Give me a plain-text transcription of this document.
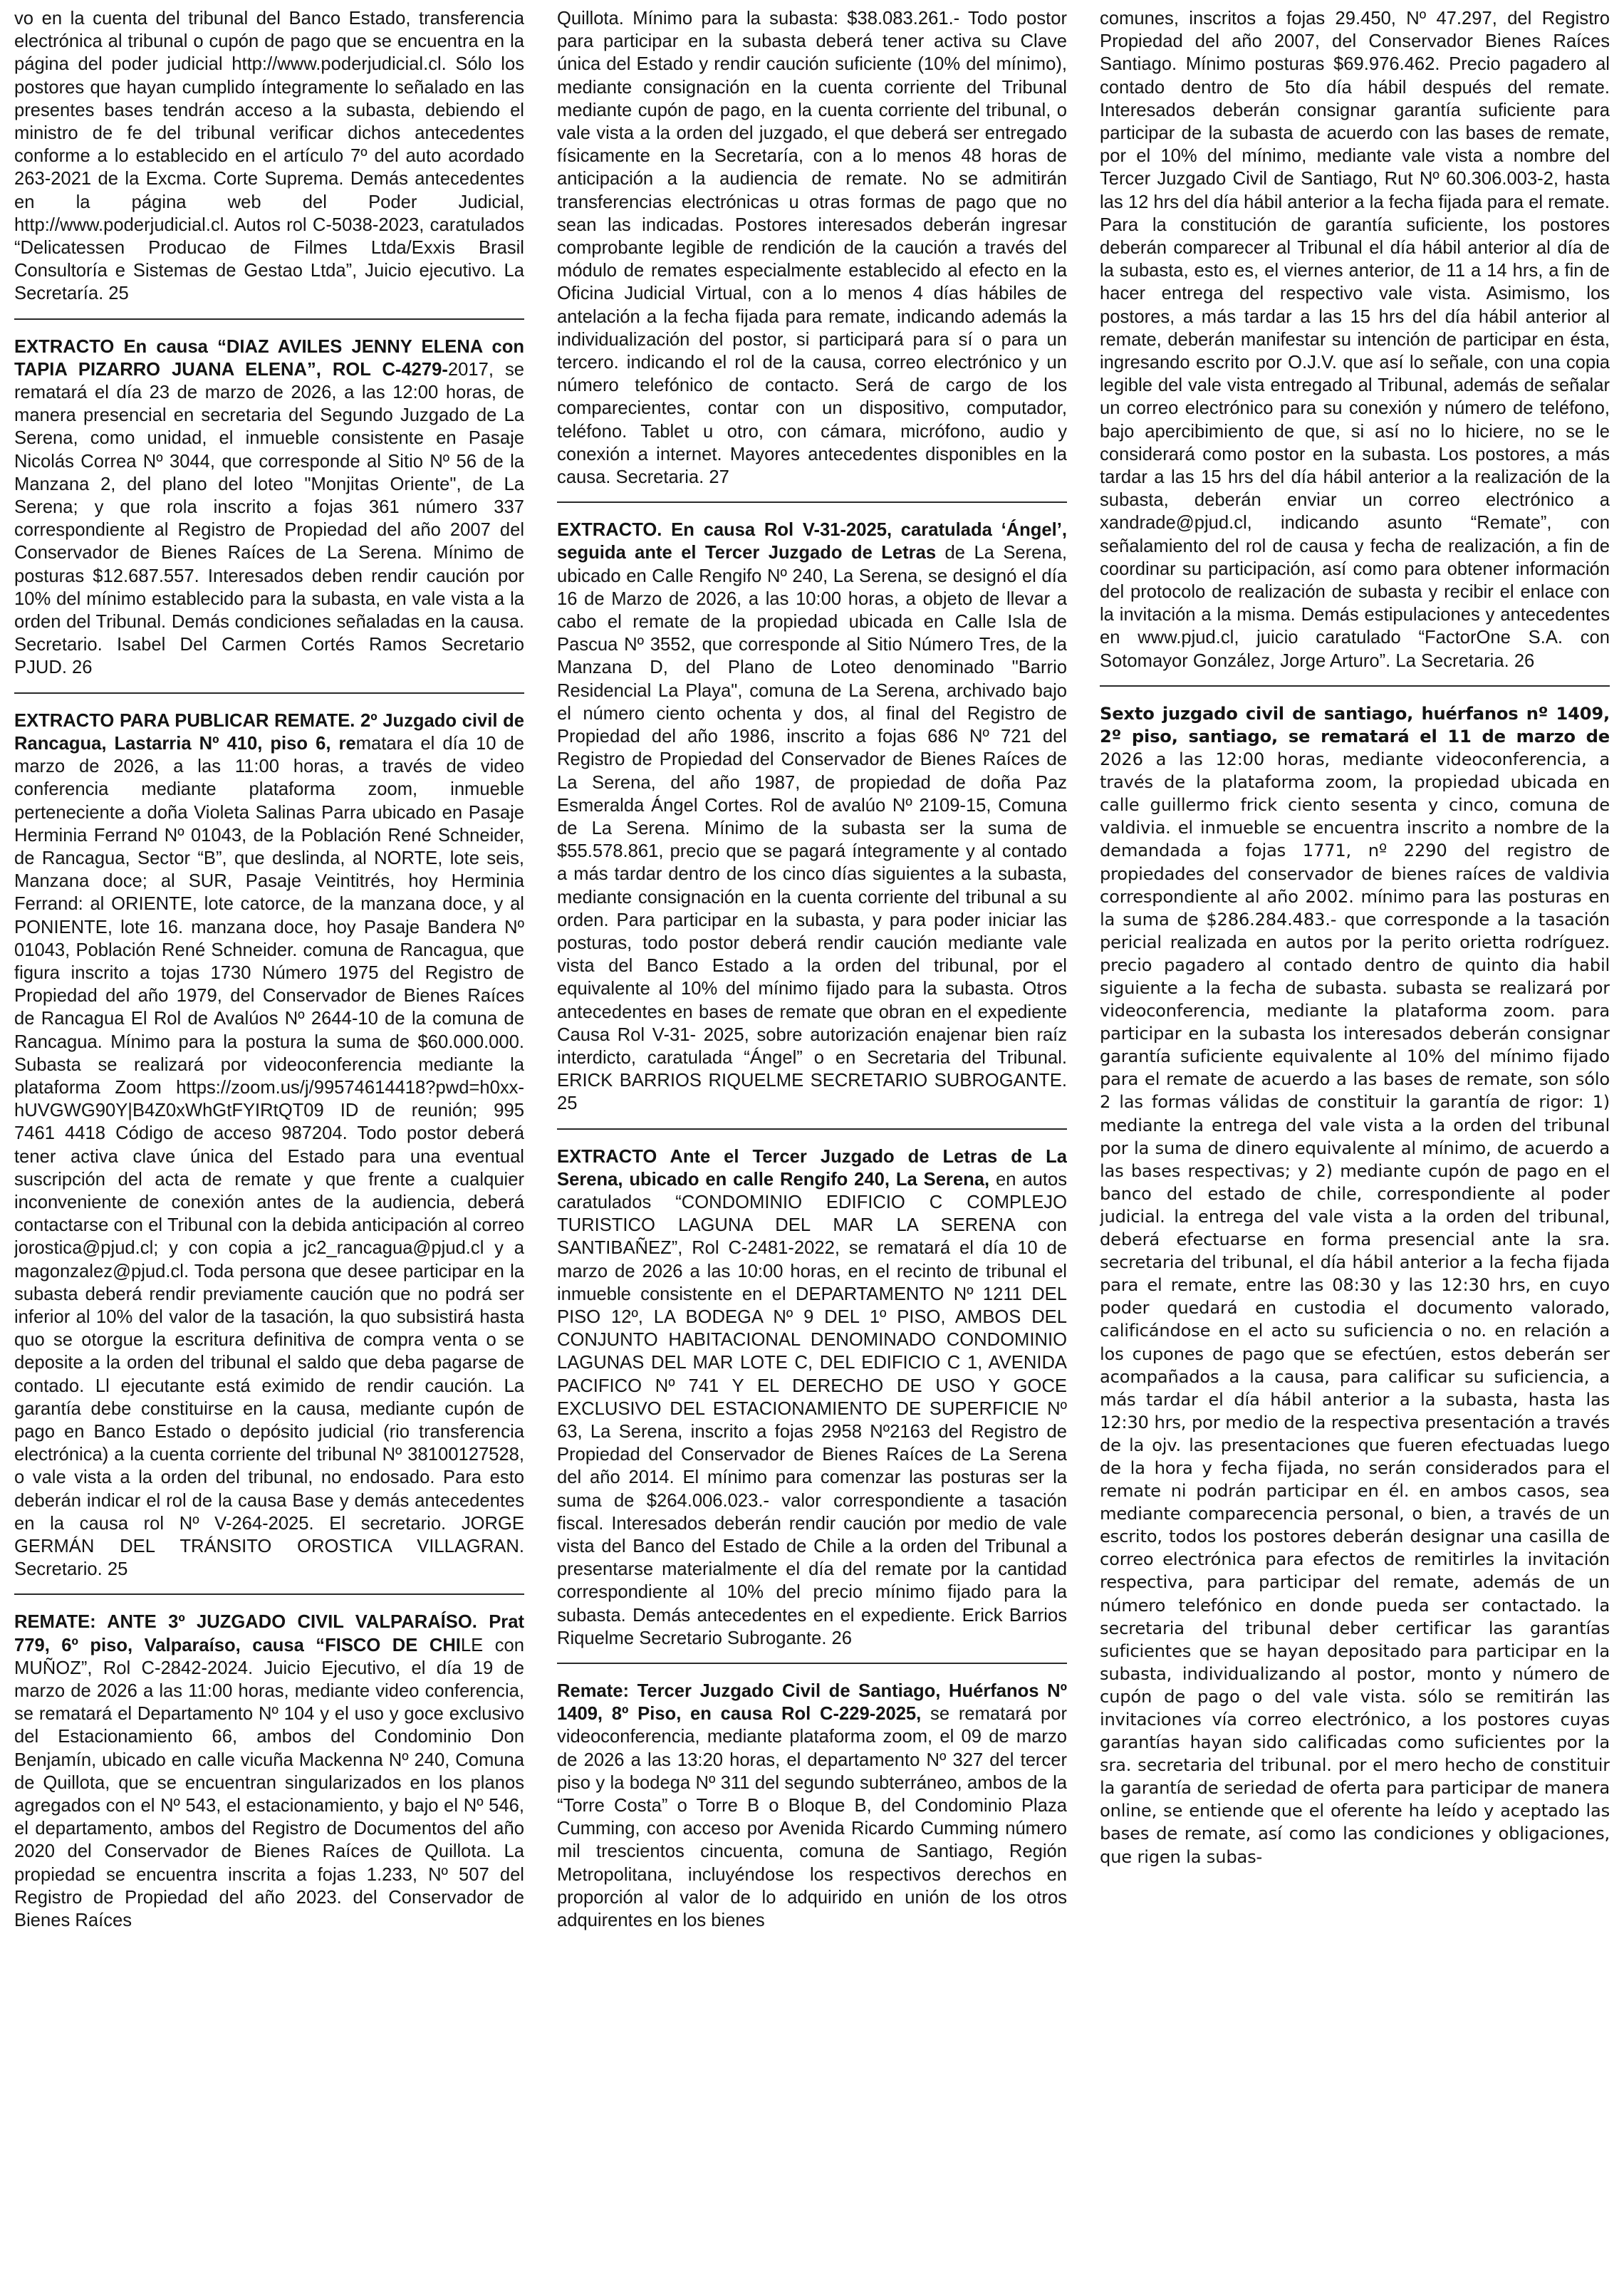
vo en la cuenta del tribunal del Banco Estado, transferencia electrónica al tribunal o cupón de pago que se encuentra en la página del poder judicial http://www.poderjudicial.cl. Sólo los postores que hayan cumplido íntegramente lo señalado en las presentes bases tendrán acceso a la subasta, debiendo el ministro de fe del tribunal verificar dichos antecedentes conforme a lo establecido en el artículo 7º del auto acordado 263-2021 de la Excma. Corte Suprema. Demás antecedentes en la página web del Poder Judicial, http://www.poderjudicial.cl. Autos rol C-5038-2023, caratulados “Delicatessen Producao de Filmes Ltda/Exxis Brasil Consultoría e Sistemas de Gestao Ltda”, Juicio ejecutivo. La Secretaría. 25

EXTRACTO En causa “DIAZ AVILES JENNY ELENA con TAPIA PIZARRO JUANA ELENA”, ROL C-4279-2017, se rematará el día 23 de marzo de 2026, a las 12:00 horas, de manera presencial en secretaria del Segundo Juzgado de La Serena, como unidad, el inmueble consistente en Pasaje Nicolás Correa Nº 3044, que corresponde al Sitio Nº 56 de la Manzana 2, del plano del loteo "Monjitas Oriente", de La Serena; y que rola inscrito a fojas 361 número 337 correspondiente al Registro de Propiedad del año 2007 del Conservador de Bienes Raíces de La Serena. Mínimo de posturas $12.687.557. Interesados deben rendir caución por 10% del mínimo establecido para la subasta, en vale vista a la orden del Tribunal. Demás condiciones señaladas en la causa. Secretario. Isabel Del Carmen Cortés Ramos Secretario PJUD. 26

EXTRACTO PARA PUBLICAR REMATE. 2º Juzgado civil de Rancagua, Lastarria Nº 410, piso 6, rematara el día 10 de marzo de 2026, a las 11:00 horas, a través de video conferencia mediante plataforma zoom, inmueble perteneciente a doña Violeta Salinas Parra ubicado en Pasaje Herminia Ferrand Nº 01043, de la Población René Schneider, de Rancagua, Sector “B”, que deslinda, al NORTE, lote seis, Manzana doce; al SUR, Pasaje Veintitrés, hoy Herminia Ferrand: al ORIENTE, lote catorce, de la manzana doce, y al PONIENTE, lote 16. manzana doce, hoy Pasaje Bandera Nº 01043, Población René Schneider. comuna de Rancagua, que figura inscrito a tojas 1730 Número 1975 del Registro de Propiedad del año 1979, del Conservador de Bienes Raíces de Rancagua El Rol de Avalúos Nº 2644-10 de la comuna de Rancagua. Mínimo para la postura la suma de $60.000.000. Subasta se realizará por videoconferencia mediante la plataforma Zoom https://zoom.us/j/99574614418?pwd=h0xx-hUVGWG90Y|B4Z0xWhGtFYIRtQT09 ID de reunión; 995 7461 4418 Código de acceso 987204. Todo postor deberá tener activa clave única del Estado para una eventual suscripción del acta de remate y que frente a cualquier inconveniente de conexión antes de la audiencia, deberá contactarse con el Tribunal con la debida anticipación al correo jorostica@pjud.cl; y con copia a jc2_rancagua@pjud.cl y a magonzalez@pjud.cl. Toda persona que desee participar en la subasta deberá rendir previamente caución que no podrá ser inferior al 10% del valor de la tasación, la quo subsistirá hasta quo se otorgue la escritura definitiva de compra venta o se deposite a la orden del tribunal el saldo que deba pagarse de contado. Ll ejecutante está eximido de rendir caución. La garantía debe constituirse en la causa, mediante cupón de pago en Banco Estado o depósito judicial (rio transferencia electrónica) a la cuenta corriente del tribunal Nº 38100127528, o vale vista a la orden del tribunal, no endosado. Para esto deberán indicar el rol de la causa Base y demás antecedentes en la causa rol Nº V-264-2025. El secretario. JORGE GERMÁN DEL TRÁNSITO OROSTICA VILLAGRAN. Secretario. 25

REMATE: ANTE 3º JUZGADO CIVIL VALPARAÍSO. Prat 779, 6º piso, Valparaíso, causa “FISCO DE CHILE con MUÑOZ”, Rol C-2842-2024. Juicio Ejecutivo, el día 19 de marzo de 2026 a las 11:00 horas, mediante video conferencia, se rematará el Departamento Nº 104 y el uso y goce exclusivo del Estacionamiento 66, ambos del Condominio Don Benjamín, ubicado en calle vicuña Mackenna Nº 240, Comuna de Quillota, que se encuentran singularizados en los planos agregados con el Nº 543, el estacionamiento, y bajo el Nº 546, el departamento, ambos del Registro de Documentos del año 2020 del Conservador de Bienes Raíces de Quillota. La propiedad se encuentra inscrita a fojas 1.233, Nº 507 del Registro de Propiedad del año 2023. del Conservador de Bienes Raíces

Quillota. Mínimo para la subasta: $38.083.261.- Todo postor para participar en la subasta deberá tener activa su Clave única del Estado y rendir caución suficiente (10% del mínimo), mediante consignación en la cuenta corriente del Tribunal mediante cupón de pago, en la cuenta corriente del tribunal, o vale vista a la orden del juzgado, el que deberá ser entregado físicamente en la Secretaría, con a lo menos 48 horas de anticipación a la audiencia de remate. No se admitirán transferencias electrónicas u otras formas de pago que no sean las indicadas. Postores interesados deberán ingresar comprobante legible de rendición de la caución a través del módulo de remates especialmente establecido al efecto en la Oficina Judicial Virtual, con a lo menos 4 días hábiles de antelación a la fecha fijada para remate, indicando además la individualización del postor, si participará para sí o para un tercero. indicando el rol de la causa, correo electrónico y un número telefónico de contacto. Será de cargo de los comparecientes, contar con un dispositivo, computador, teléfono. Tablet u otro, con cámara, micrófono, audio y conexión a internet. Mayores antecedentes disponibles en la causa. Secretaria. 27

EXTRACTO. En causa Rol V-31-2025, caratulada ‘Ángel’, seguida ante el Tercer Juzgado de Letras de La Serena, ubicado en Calle Rengifo Nº 240, La Serena, se designó el día 16 de Marzo de 2026, a las 10:00 horas, a objeto de llevar a cabo el remate de la propiedad ubicada en Calle Isla de Pascua Nº 3552, que corresponde al Sitio Número Tres, de la Manzana D, del Plano de Loteo denominado "Barrio Residencial La Playa", comuna de La Serena, archivado bajo el número ciento ochenta y dos, al final del Registro de Propiedad del año 1986, inscrito a fojas 686 Nº 721 del Registro de Propiedad del Conservador de Bienes Raíces de La Serena, del año 1987, de propiedad de doña Paz Esmeralda Ángel Cortes. Rol de avalúo Nº 2109-15, Comuna de La Serena. Mínimo de la subasta ser la suma de $55.578.861, precio que se pagará íntegramente y al contado a más tardar dentro de los cinco días siguientes a la subasta, mediante consignación en la cuenta corriente del tribunal a su orden. Para participar en la subasta, y para poder iniciar las posturas, todo postor deberá rendir caución mediante vale vista del Banco Estado a la orden del tribunal, por el equivalente al 10% del mínimo fijado para la subasta. Otros antecedentes en bases de remate que obran en el expediente Causa Rol V-31- 2025, sobre autorización enajenar bien raíz interdicto, caratulada “Ángel” o en Secretaria del Tribunal. ERICK BARRIOS RIQUELME SECRETARIO SUBROGANTE. 25

EXTRACTO Ante el Tercer Juzgado de Letras de La Serena, ubicado en calle Rengifo 240, La Serena, en autos caratulados “CONDOMINIO EDIFICIO C COMPLEJO TURISTICO LAGUNA DEL MAR LA SERENA con SANTIBAÑEZ”, Rol C-2481-2022, se rematará el día 10 de marzo de 2026 a las 10:00 horas, en el recinto de tribunal el inmueble consistente en el DEPARTAMENTO Nº 1211 DEL PISO 12º, LA BODEGA Nº 9 DEL 1º PISO, AMBOS DEL CONJUNTO HABITACIONAL DENOMINADO CONDOMINIO LAGUNAS DEL MAR LOTE C, DEL EDIFICIO C 1, AVENIDA PACIFICO Nº 741 Y EL DERECHO DE USO Y GOCE EXCLUSIVO DEL ESTACIONAMIENTO DE SUPERFICIE Nº 63, La Serena, inscrito a fojas 2958 Nº2163 del Registro de Propiedad del Conservador de Bienes Raíces de La Serena del año 2014. El mínimo para comenzar las posturas ser la suma de $264.006.023.- valor correspondiente a tasación fiscal. Interesados deberán rendir caución por medio de vale vista del Banco del Estado de Chile a la orden del Tribunal a presentarse materialmente el día del remate por la cantidad correspondiente al 10% del precio mínimo fijado para la subasta. Demás antecedentes en el expediente. Erick Barrios Riquelme Secretario Subrogante. 26

Remate: Tercer Juzgado Civil de Santiago, Huérfanos Nº 1409, 8º Piso, en causa Rol C-229-2025, se rematará por videoconferencia, mediante plataforma zoom, el 09 de marzo de 2026 a las 13:20 horas, el departamento Nº 327 del tercer piso y la bodega Nº 311 del segundo subterráneo, ambos de la “Torre Costa” o Torre B o Bloque B, del Condominio Plaza Cumming, con acceso por Avenida Ricardo Cumming número mil trescientos cincuenta, comuna de Santiago, Región Metropolitana, incluyéndose los respectivos derechos en proporción al valor de lo adquirido en unión de los otros adquirentes en los bienes

comunes, inscritos a fojas 29.450, Nº 47.297, del Registro Propiedad del año 2007, del Conservador Bienes Raíces Santiago. Mínimo posturas $69.976.462. Precio pagadero al contado dentro de 5to día hábil después del remate. Interesados deberán consignar garantía suficiente para participar de la subasta de acuerdo con las bases de remate, por el 10% del mínimo, mediante vale vista a nombre del Tercer Juzgado Civil de Santiago, Rut Nº 60.306.003-2, hasta las 12 hrs del día hábil anterior a la fecha fijada para el remate. Para la constitución de garantía suficiente, los postores deberán comparecer al Tribunal el día hábil anterior al día de la subasta, esto es, el viernes anterior, de 11 a 14 hrs, a fin de hacer entrega del respectivo vale vista. Asimismo, los postores, a más tardar a las 15 hrs del día hábil anterior al remate, deberán manifestar su intención de participar en ésta, ingresando escrito por O.J.V. que así lo señale, con una copia legible del vale vista entregado al Tribunal, además de señalar un correo electrónico para su conexión y número de teléfono, bajo apercibimiento de que, si así no lo hiciere, no se le considerará como postor en la subasta. Los postores, a más tardar a las 15 hrs del día hábil anterior a la realización de la subasta, deberán enviar un correo electrónico a xandrade@pjud.cl, indicando asunto “Remate”, con señalamiento del rol de causa y fecha de realización, a fin de coordinar su participación, así como para obtener información del protocolo de realización de subasta y recibir el enlace con la invitación a la misma. Demás estipulaciones y antecedentes en www.pjud.cl, juicio caratulado “FactorOne S.A. con Sotomayor González, Jorge Arturo”. La Secretaria. 26

Sexto juzgado civil de santiago, huérfanos nº 1409, 2º piso, santiago, se rematará el 11 de marzo de 2026 a las 12:00 horas, mediante videoconferencia, a través de la plataforma zoom, la propiedad ubicada en calle guillermo frick ciento sesenta y cinco, comuna de valdivia. el inmueble se encuentra inscrito a nombre de la demandada a fojas 1771, nº 2290 del registro de propiedades del conservador de bienes raíces de valdivia correspondiente al año 2002. mínimo para las posturas en la suma de $286.284.483.- que corresponde a la tasación pericial realizada en autos por la perito orietta rodríguez. precio pagadero al contado dentro de quinto dia habil siguiente a la fecha de subasta. subasta se realizará por videoconferencia, mediante la plataforma zoom. para participar en la subasta los interesados deberán consignar garantía suficiente equivalente al 10% del mínimo fijado para el remate de acuerdo a las bases de remate, son sólo 2 las formas válidas de constituir la garantía de rigor: 1) mediante la entrega del vale vista a la orden del tribunal por la suma de dinero equivalente al mínimo, de acuerdo a las bases respectivas; y 2) mediante cupón de pago en el banco del estado de chile, correspondiente al poder judicial. la entrega del vale vista a la orden del tribunal, deberá efectuarse en forma presencial ante la sra. secretaria del tribunal, el día hábil anterior a la fecha fijada para el remate, entre las 08:30 y las 12:30 hrs, en cuyo poder quedará en custodia el documento valorado, calificándose en el acto su suficiencia o no. en relación a los cupones de pago que se efectúen, estos deberán ser acompañados a la causa, para calificar su suficiencia, a más tardar el día hábil anterior a la subasta, hasta las 12:30 hrs, por medio de la respectiva presentación a través de la ojv. las presentaciones que fueren efectuadas luego de la hora y fecha fijada, no serán considerados para el remate ni podrán participar en él. en ambos casos, sea mediante comparecencia personal, o bien, a través de un escrito, todos los postores deberán designar una casilla de correo electrónica para efectos de remitirles la invitación respectiva, para participar del remate, además de un número telefónico en donde pueda ser contactado. la secretaria del tribunal deber certificar las garantías suficientes que se hayan depositado para participar en la subasta, individualizando al postor, monto y número de cupón de pago o del vale vista. sólo se remitirán las invitaciones vía correo electrónico, a los postores cuyas garantías hayan sido calificadas como suficientes por la sra. secretaria del tribunal. por el mero hecho de constituir la garantía de seriedad de oferta para participar de manera online, se entiende que el oferente ha leído y aceptado las bases de remate, así como las condiciones y obligaciones, que rigen la subas-
